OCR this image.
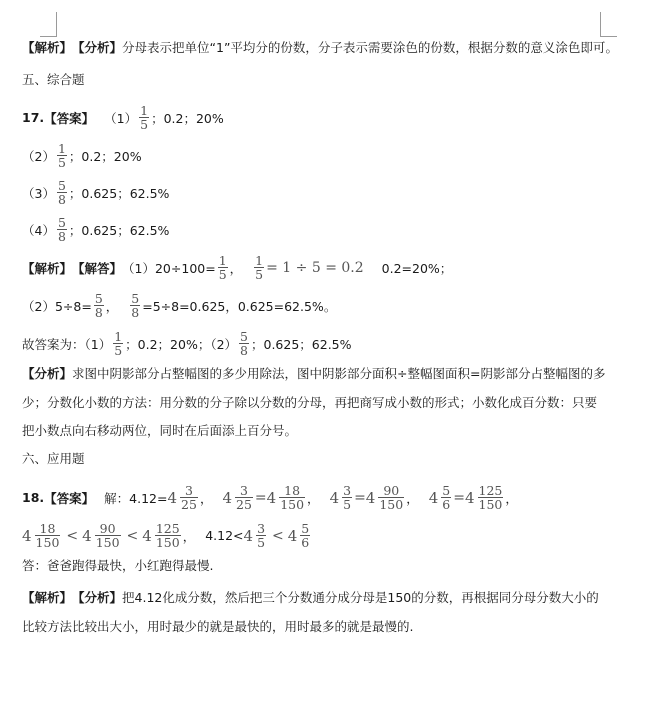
【解析】 【分析】 分母表示把单位“1”平均分的份数，分子表示需要涂色的份数，根据分数的意义涂色即可。
五、综合题
17. 【答案】 $(1) \frac{1}{5}$ ；0.2；20%
$(2) \frac{1}{5}$ ；0.2；20%
$(3) \frac{5}{8}$ ；0.625；62.5%
$(4) \frac{5}{8}$ ；0.625；62.5%
【解析】 【解答】 $(1)20\div 100= \frac{1}{5}$ ， $\frac{1}{5} = 1 \div 5 = 0.2$ 0.2=20%；
$(2)5\div 8= \frac{5}{8}$ ， $\frac{5}{8} =5\div 8=0.625$，0.625=62.5%。
故答案为：$(1) \frac{1}{5}$ ；0.2；20%；$(2) \frac{5}{8}$ ；0.625；62.5%
【分析】 求图中阴影部分占整幅图的多少用除法，图中阴影部分面积÷整幅图面积=阴影部分占整幅图的多
少；分数化小数的方法：用分数的分子除以分数的分母，再把商写成小数的形式；小数化成百分数：只要
把小数点向右移动两位，同时在后面添上百分号。
六、应用题
18. 【答案】 解：$4.12= 4 \frac{3}{25}$ ， $4 \frac{3}{25} = 4 \frac{18}{150}$ ， $4 \frac{3}{5} = 4 \frac{90}{150}$ ， $4 \frac{5}{6} = 4 \frac{125}{150}$ ，
$4 \frac{18}{150} < 4 \frac{90}{150} < 4 \frac{125}{150}$ ， $4.12< 4 \frac{3}{5} < 4 \frac{5}{6}$
答：爸爸跑得最快，小红跑得最慢.
【解析】 【分析】 把4.12化成分数，然后把三个分数通分成分母是150的分数，再根据同分母分数大小的
比较方法比较出大小，用时最少的就是最快的，用时最多的就是最慢的.
